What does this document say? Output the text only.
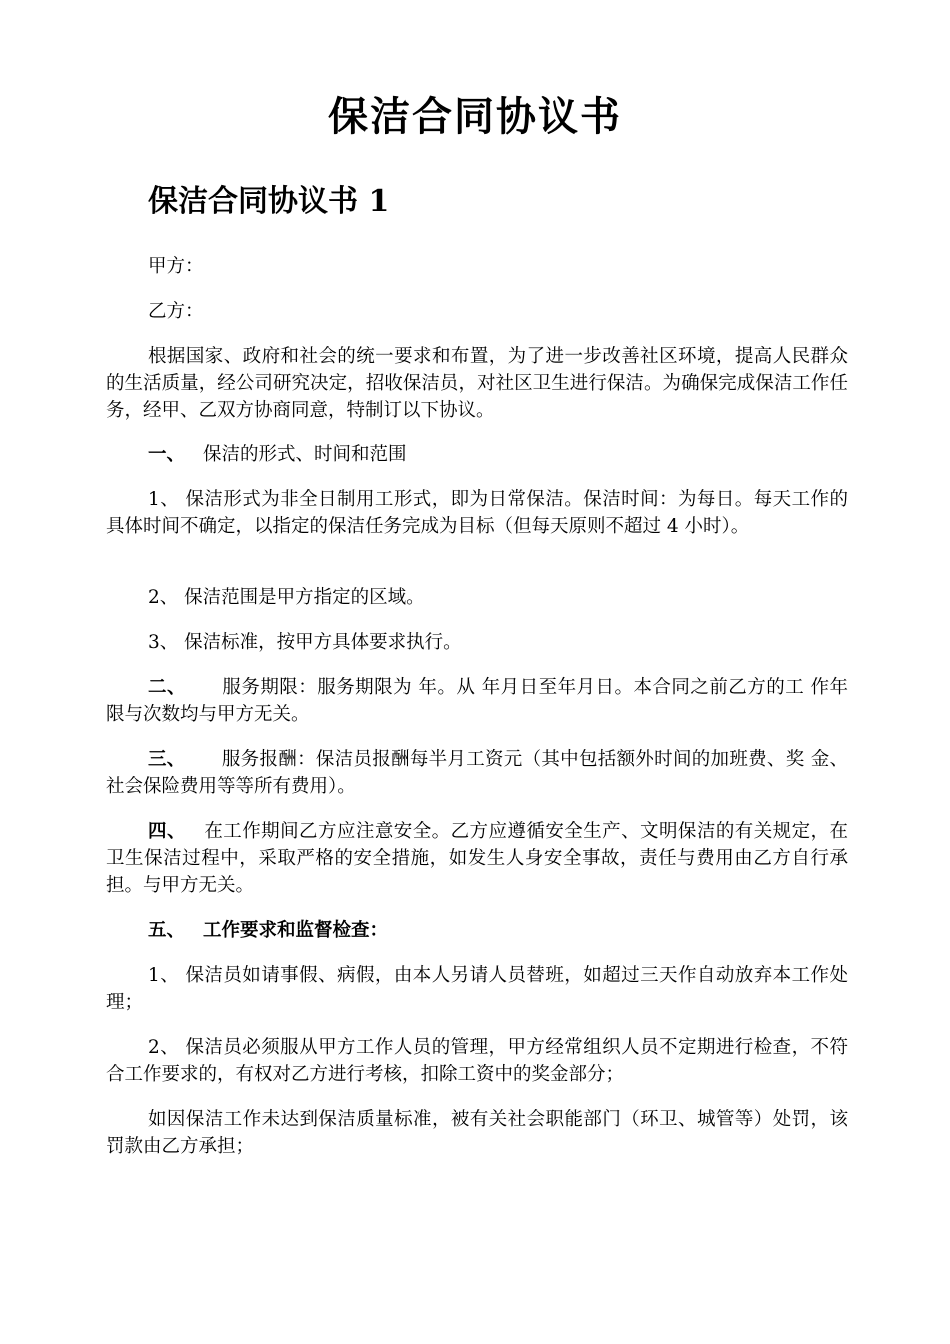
保洁合同协议书
保洁合同协议书 1

甲方：

乙方：

根据国家、政府和社会的统一要求和布置，为了进一步改善社区环境，提高人民群众的生活质量，经公司研究决定，招收保洁员，对社区卫生进行保洁。为确保完成保洁工作任务，经甲、乙双方协商同意，特制订以下协议。

一、 保洁的形式、时间和范围

1、 保洁形式为非全日制用工形式，即为日常保洁。保洁时间：为每日。每天工作的具体时间不确定，以指定的保洁任务完成为目标（但每天原则不超过 4 小时）。

2、 保洁范围是甲方指定的区域。

3、 保洁标准，按甲方具体要求执行。

二、 服务期限：服务期限为 年。从 年月日至年月日。本合同之前乙方的工 作年限与次数均与甲方无关。

三、 服务报酬：保洁员报酬每半月工资元（其中包括额外时间的加班费、奖 金、社会保险费用等等所有费用）。

四、 在工作期间乙方应注意安全。乙方应遵循安全生产、文明保洁的有关规定，在卫生保洁过程中，采取严格的安全措施，如发生人身安全事故，责任与费用由乙方自行承担。与甲方无关。

五、 工作要求和监督检查：

1、 保洁员如请事假、病假，由本人另请人员替班，如超过三天作自动放弃本工作处理；

2、 保洁员必须服从甲方工作人员的管理，甲方经常组织人员不定期进行检查，不符合工作要求的，有权对乙方进行考核，扣除工资中的奖金部分；

如因保洁工作未达到保洁质量标准，被有关社会职能部门（环卫、城管等）处罚，该罚款由乙方承担；
